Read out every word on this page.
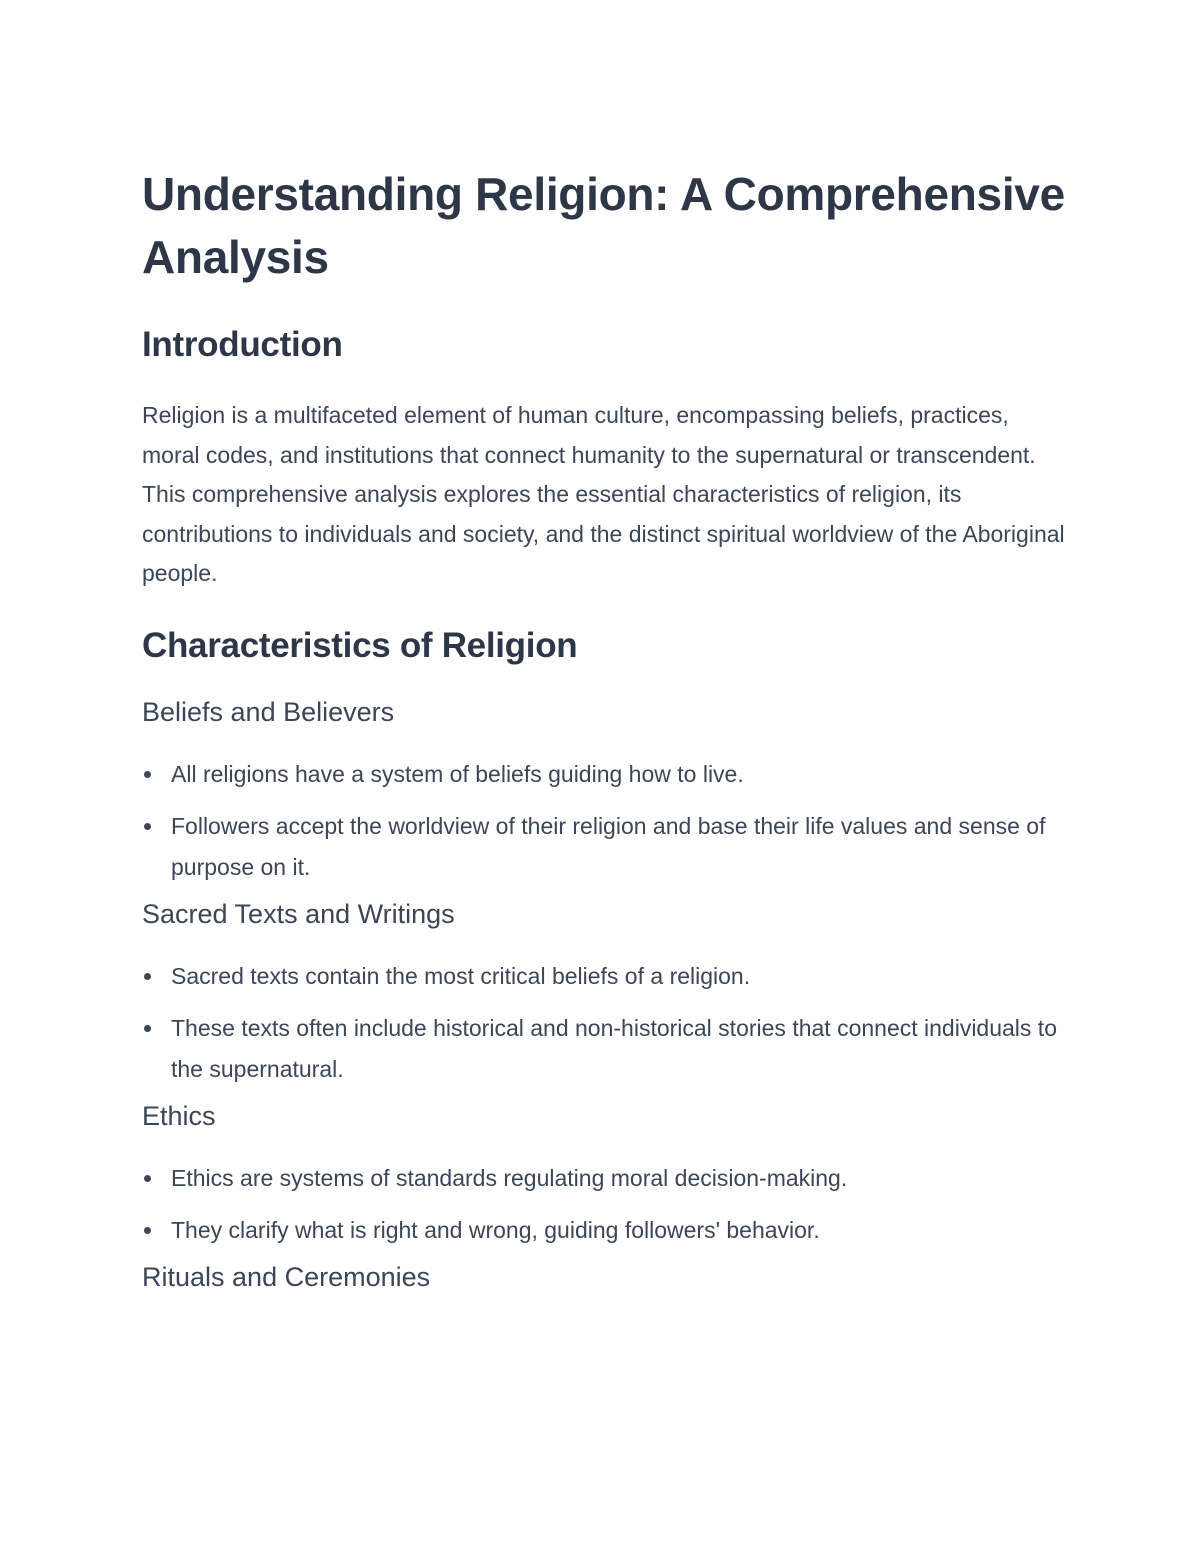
Understanding Religion: A Comprehensive Analysis
Introduction

Religion is a multifaceted element of human culture, encompassing beliefs, practices, moral codes, and institutions that connect humanity to the supernatural or transcendent. This comprehensive analysis explores the essential characteristics of religion, its contributions to individuals and society, and the distinct spiritual worldview of the Aboriginal people.

Characteristics of Religion
Beliefs and Believers
All religions have a system of beliefs guiding how to live.
Followers accept the worldview of their religion and base their life values and sense of purpose on it.
Sacred Texts and Writings
Sacred texts contain the most critical beliefs of a religion.
These texts often include historical and non-historical stories that connect individuals to the supernatural.
Ethics
Ethics are systems of standards regulating moral decision-making.
They clarify what is right and wrong, guiding followers' behavior.
Rituals and Ceremonies
